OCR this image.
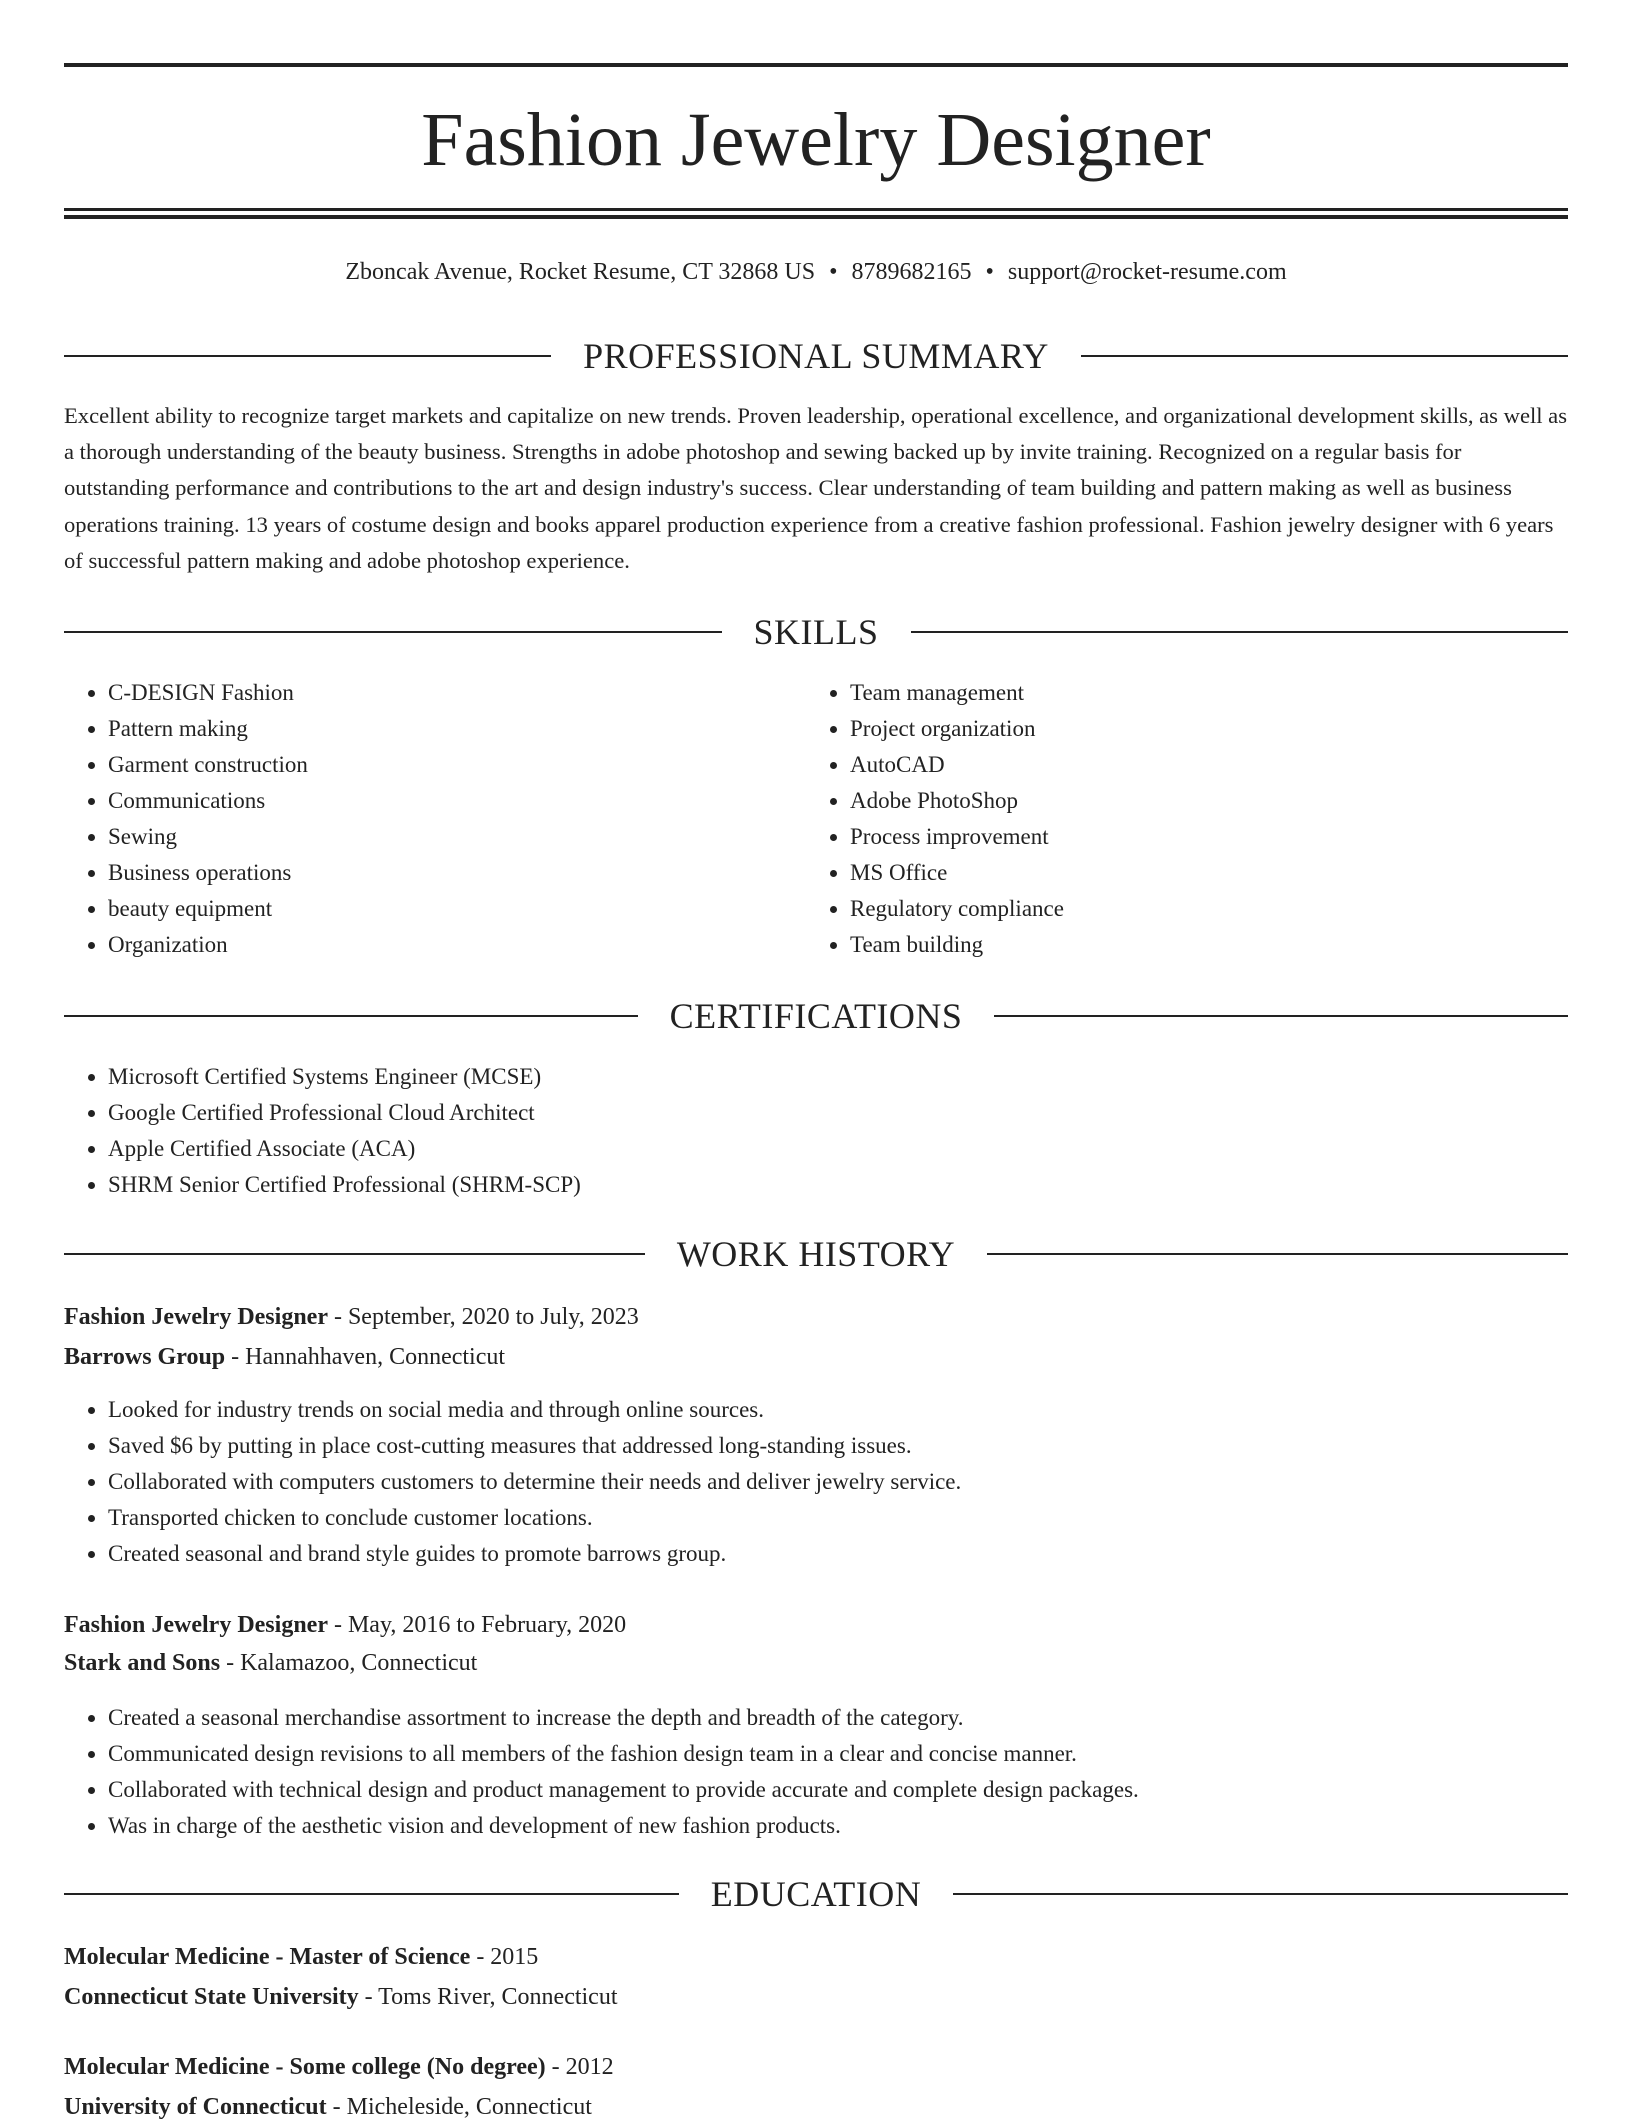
Fashion Jewelry Designer
Zboncak Avenue, Rocket Resume, CT 32868 US • 8789682165 • support@rocket-resume.com
PROFESSIONAL SUMMARY

Excellent ability to recognize target markets and capitalize on new trends. Proven leadership, operational excellence, and organizational development skills, as well as a thorough understanding of the beauty business. Strengths in adobe photoshop and sewing backed up by invite training. Recognized on a regular basis for outstanding performance and contributions to the art and design industry's success. Clear understanding of team building and pattern making as well as business operations training. 13 years of costume design and books apparel production experience from a creative fashion professional. Fashion jewelry designer with 6 years of successful pattern making and adobe photoshop experience.

SKILLS
• C-DESIGN Fashion
• Pattern making
• Garment construction
• Communications
• Sewing
• Business operations
• beauty equipment
• Organization
• Team management
• Project organization
• AutoCAD
• Adobe PhotoShop
• Process improvement
• MS Office
• Regulatory compliance
• Team building
CERTIFICATIONS
• Microsoft Certified Systems Engineer (MCSE)
• Google Certified Professional Cloud Architect
• Apple Certified Associate (ACA)
• SHRM Senior Certified Professional (SHRM-SCP)
WORK HISTORY
Fashion Jewelry Designer - September, 2020 to July, 2023
Barrows Group - Hannahhaven, Connecticut
• Looked for industry trends on social media and through online sources.
• Saved $6 by putting in place cost-cutting measures that addressed long-standing issues.
• Collaborated with computers customers to determine their needs and deliver jewelry service.
• Transported chicken to conclude customer locations.
• Created seasonal and brand style guides to promote barrows group.
Fashion Jewelry Designer - May, 2016 to February, 2020
Stark and Sons - Kalamazoo, Connecticut
• Created a seasonal merchandise assortment to increase the depth and breadth of the category.
• Communicated design revisions to all members of the fashion design team in a clear and concise manner.
• Collaborated with technical design and product management to provide accurate and complete design packages.
• Was in charge of the aesthetic vision and development of new fashion products.
EDUCATION
Molecular Medicine - Master of Science - 2015
Connecticut State University - Toms River, Connecticut
Molecular Medicine - Some college (No degree) - 2012
University of Connecticut - Micheleside, Connecticut
